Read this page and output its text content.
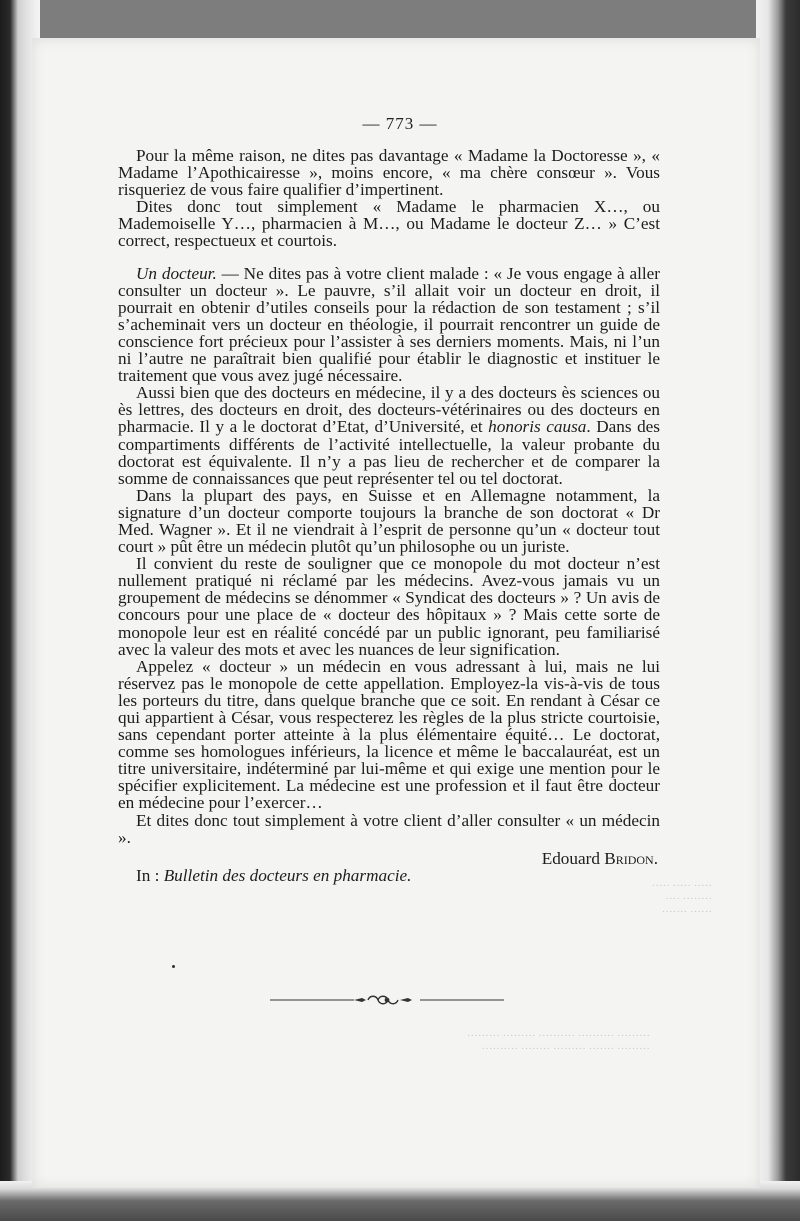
— 773 —

Pour la même raison, ne dites pas davantage « Madame la Doctoresse », « Madame l’Apothicairesse », moins encore, « ma chère consœur ». Vous risqueriez de vous faire qualifier d’impertinent.

Dites donc tout simplement « Madame le pharmacien X…, ou Mademoiselle Y…, pharmacien à M…, ou Madame le docteur Z… » C’est correct, respectueux et courtois.

Un docteur. — Ne dites pas à votre client malade : « Je vous engage à aller consulter un docteur ». Le pauvre, s’il allait voir un docteur en droit, il pourrait en obtenir d’utiles conseils pour la rédaction de son testament ; s’il s’acheminait vers un docteur en théologie, il pourrait rencontrer un guide de conscience fort précieux pour l’assister à ses derniers moments. Mais, ni l’un ni l’autre ne paraîtrait bien qualifié pour établir le diagnostic et instituer le traitement que vous avez jugé nécessaire.

Aussi bien que des docteurs en médecine, il y a des docteurs ès sciences ou ès lettres, des docteurs en droit, des docteurs-vétérinaires ou des docteurs en pharmacie. Il y a le doctorat d’Etat, d’Université, et honoris causa. Dans des compartiments différents de l’activité intellectuelle, la valeur probante du doctorat est équivalente. Il n’y a pas lieu de rechercher et de comparer la somme de connaissances que peut représenter tel ou tel doctorat.

Dans la plupart des pays, en Suisse et en Allemagne notamment, la signature d’un docteur comporte toujours la branche de son doctorat « Dr Med. Wagner ». Et il ne viendrait à l’esprit de personne qu’un « docteur tout court » pût être un médecin plutôt qu’un philosophe ou un juriste.

Il convient du reste de souligner que ce monopole du mot docteur n’est nullement pratiqué ni réclamé par les médecins. Avez-vous jamais vu un groupement de médecins se dénommer « Syndicat des docteurs » ? Un avis de concours pour une place de « docteur des hôpitaux » ? Mais cette sorte de monopole leur est en réalité concédé par un public ignorant, peu familiarisé avec la valeur des mots et avec les nuances de leur signification.

Appelez « docteur » un médecin en vous adressant à lui, mais ne lui réservez pas le monopole de cette appellation. Employez-la vis-à-vis de tous les porteurs du titre, dans quelque branche que ce soit. En rendant à César ce qui appartient à César, vous respecterez les règles de la plus stricte courtoisie, sans cependant porter atteinte à la plus élémentaire équité… Le doctorat, comme ses homologues inférieurs, la licence et même le baccalauréat, est un titre universitaire, indéterminé par lui-même et qui exige une mention pour le spécifier explicitement. La médecine est une profession et il faut être docteur en médecine pour l’exercer…

Et dites donc tout simplement à votre client d’aller consulter « un médecin ».

Edouard Bridon.

In : Bulletin des docteurs en pharmacie.

····· ····· ·····
········ ····
······ ·······
········· ·········· ·········· ········· ·········
········· ······· ········· ········ ··········
